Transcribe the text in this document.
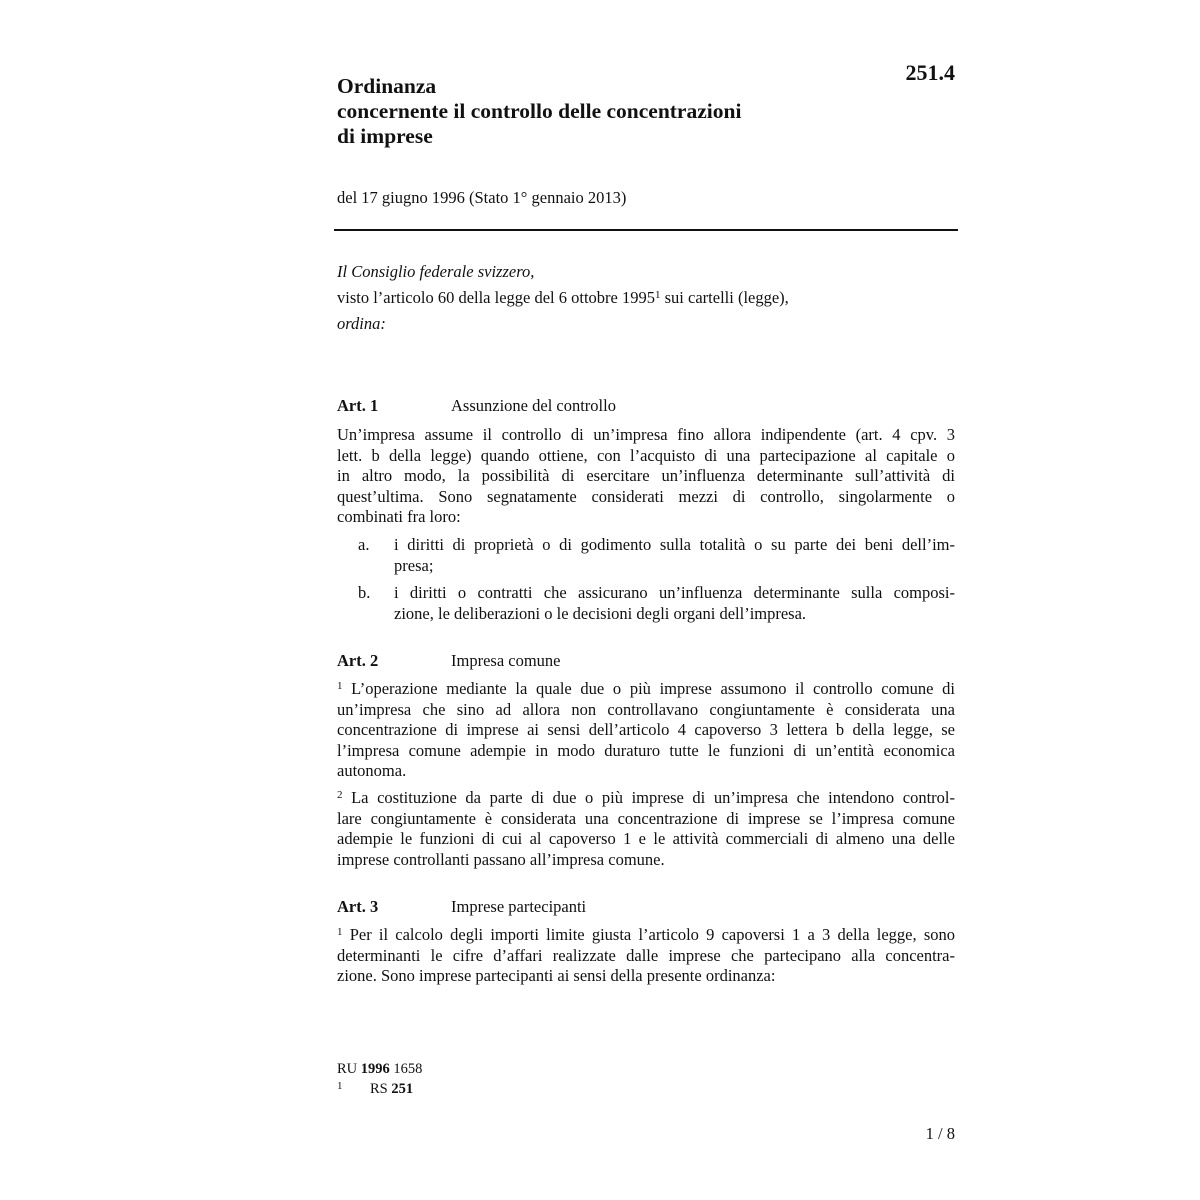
251.4
Ordinanza
concernente il controllo delle concentrazioni
di imprese
del 17 giugno 1996 (Stato 1° gennaio 2013)
Il Consiglio federale svizzero,
visto l’articolo 60 della legge del 6 ottobre 1995$^1$ sui cartelli (legge),
ordina:
Art. 1	Assunzione del controllo
Un’impresa assume il controllo di un’impresa fino allora indipendente (art. 4 cpv. 3
lett. b della legge) quando ottiene, con l’acquisto di una partecipazione al capitale o
in altro modo, la possibilità di esercitare un’influenza determinante sull’attività di
quest’ultima. Sono segnatamente considerati mezzi di controllo, singolarmente o
combinati fra loro:
a. i diritti di proprietà o di godimento sulla totalità o su parte dei beni dell’im-
presa;
b. i diritti o contratti che assicurano un’influenza determinante sulla composi-
zione, le deliberazioni o le decisioni degli organi dell’impresa.
Art. 2	Impresa comune
$^1$ L’operazione mediante la quale due o più imprese assumono il controllo comune di
un’impresa che sino ad allora non controllavano congiuntamente è considerata una
concentrazione di imprese ai sensi dell’articolo 4 capoverso 3 lettera b della legge, se
l’impresa comune adempie in modo duraturo tutte le funzioni di un’entità economica
autonoma.
$^2$ La costituzione da parte di due o più imprese di un’impresa che intendono control-
lare congiuntamente è considerata una concentrazione di imprese se l’impresa comune
adempie le funzioni di cui al capoverso 1 e le attività commerciali di almeno una delle
imprese controllanti passano all’impresa comune.
Art. 3	Imprese partecipanti
$^1$ Per il calcolo degli importi limite giusta l’articolo 9 capoversi 1 a 3 della legge, sono
determinanti le cifre d’affari realizzate dalle imprese che partecipano alla concentra-
zione. Sono imprese partecipanti ai sensi della presente ordinanza:
RU 1996 1658
1 RS 251
1 / 8
